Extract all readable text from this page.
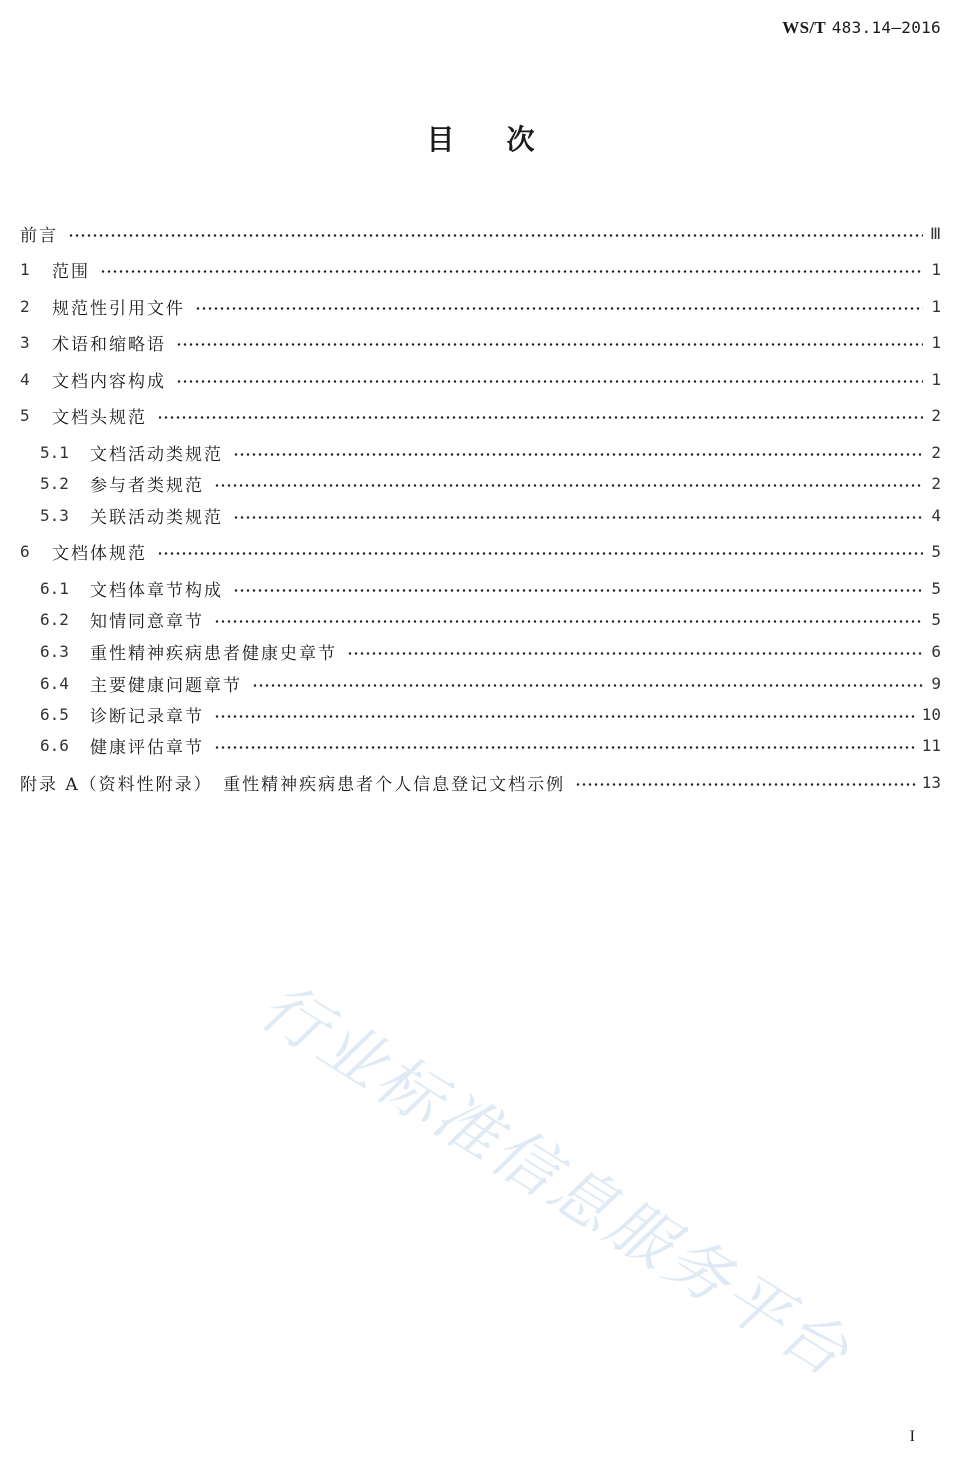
WS/T 483.14—2016
目 次
前言	Ⅲ
1	范围	1
2	规范性引用文件	1
3	术语和缩略语	1
4	文档内容构成	1
5	文档头规范	2
5.1	文档活动类规范	2
5.2	参与者类规范	2
5.3	关联活动类规范	4
6	文档体规范	5
6.1	文档体章节构成	5
6.2	知情同意章节	5
6.3	重性精神疾病患者健康史章节	6
6.4	主要健康问题章节	9
6.5	诊断记录章节	10
6.6	健康评估章节	11
附录 A（资料性附录）　重性精神疾病患者个人信息登记文档示例	13
行业标准信息服务平台
I
